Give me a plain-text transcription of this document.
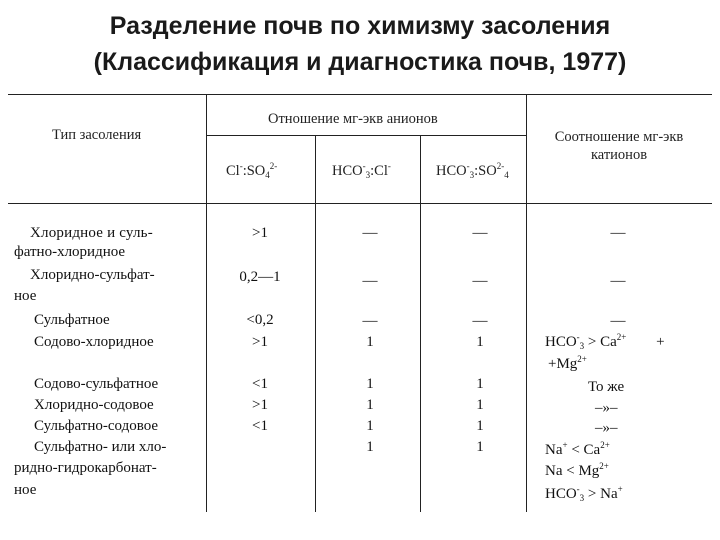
Разделение почв по химизму засоления
(Классификация и диагностика почв, 1977)
Тип засоления
Отношение мг-экв анионов
Соотношение мг-экв
катионов
$Cl^-:SO_4^{2-}$	$HCO^-_3:Cl^-$	$HCO^-_3:SO^{2-}_4$
Хлоридное и суль-
фатно-хлоридное
Хлоридно-сульфат-
ное
Сульфатное
Содово-хлоридное
Содово-сульфатное
Хлоридно-содовое
Сульфатно-содовое
Сульфатно- или хло-
ридно-гидрокарбонат-
ное
>1
0,2—1
<0,2
>1
<1
>1
<1
—
—
—
1
1
1
1
1
—
—
—
1
1
1
1
1
—
—
—
$HCO^-_3 > Ca^{2+}$ +
$+Mg^{2+}$
То же
–»–
–»–
$Na^+ < Ca^{2+}$
$Na < Mg^{2+}$
$HCO^-_3 > Na^+$
